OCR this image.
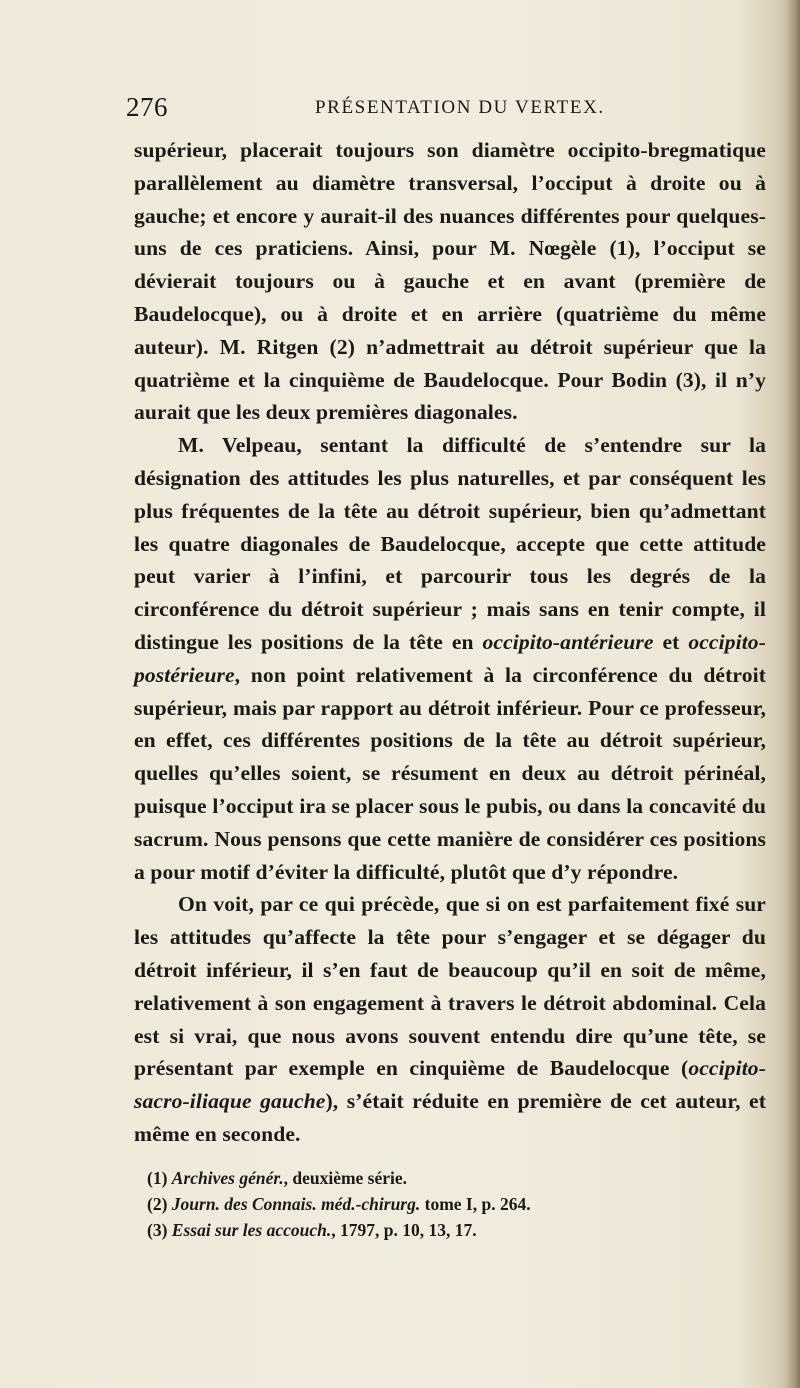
276	PRÉSENTATION DU VERTEX.

supérieur, placerait toujours son diamètre occipito-bregmatique parallèlement au diamètre transversal, l’occiput à droite ou à gauche; et encore y aurait-il des nuances différentes pour quelques-uns de ces praticiens. Ainsi, pour M. Nœgèle (1), l’occiput se dévierait toujours ou à gauche et en avant (première de Baudelocque), ou à droite et en arrière (quatrième du même auteur). M. Ritgen (2) n’admettrait au détroit supérieur que la quatrième et la cinquième de Baudelocque. Pour Bodin (3), il n’y aurait que les deux premières diagonales.

M. Velpeau, sentant la difficulté de s’entendre sur la désignation des attitudes les plus naturelles, et par conséquent les plus fréquentes de la tête au détroit supérieur, bien qu’admettant les quatre diagonales de Baudelocque, accepte que cette attitude peut varier à l’infini, et parcourir tous les degrés de la circonférence du détroit supérieur ; mais sans en tenir compte, il distingue les positions de la tête en occipito-antérieure et occipito-postérieure, non point relativement à la circonférence du détroit supérieur, mais par rapport au détroit inférieur. Pour ce professeur, en effet, ces différentes positions de la tête au détroit supérieur, quelles qu’elles soient, se résument en deux au détroit périnéal, puisque l’occiput ira se placer sous le pubis, ou dans la concavité du sacrum. Nous pensons que cette manière de considérer ces positions a pour motif d’éviter la difficulté, plutôt que d’y répondre.

On voit, par ce qui précède, que si on est parfaitement fixé sur les attitudes qu’affecte la tête pour s’engager et se dégager du détroit inférieur, il s’en faut de beaucoup qu’il en soit de même, relativement à son engagement à travers le détroit abdominal. Cela est si vrai, que nous avons souvent entendu dire qu’une tête, se présentant par exemple en cinquième de Baudelocque (occipito-sacro-iliaque gauche), s’était réduite en première de cet auteur, et même en seconde.

(1) Archives génér., deuxième série.
(2) Journ. des Connais. méd.-chirurg. tome I, p. 264.
(3) Essai sur les accouch., 1797, p. 10, 13, 17.
